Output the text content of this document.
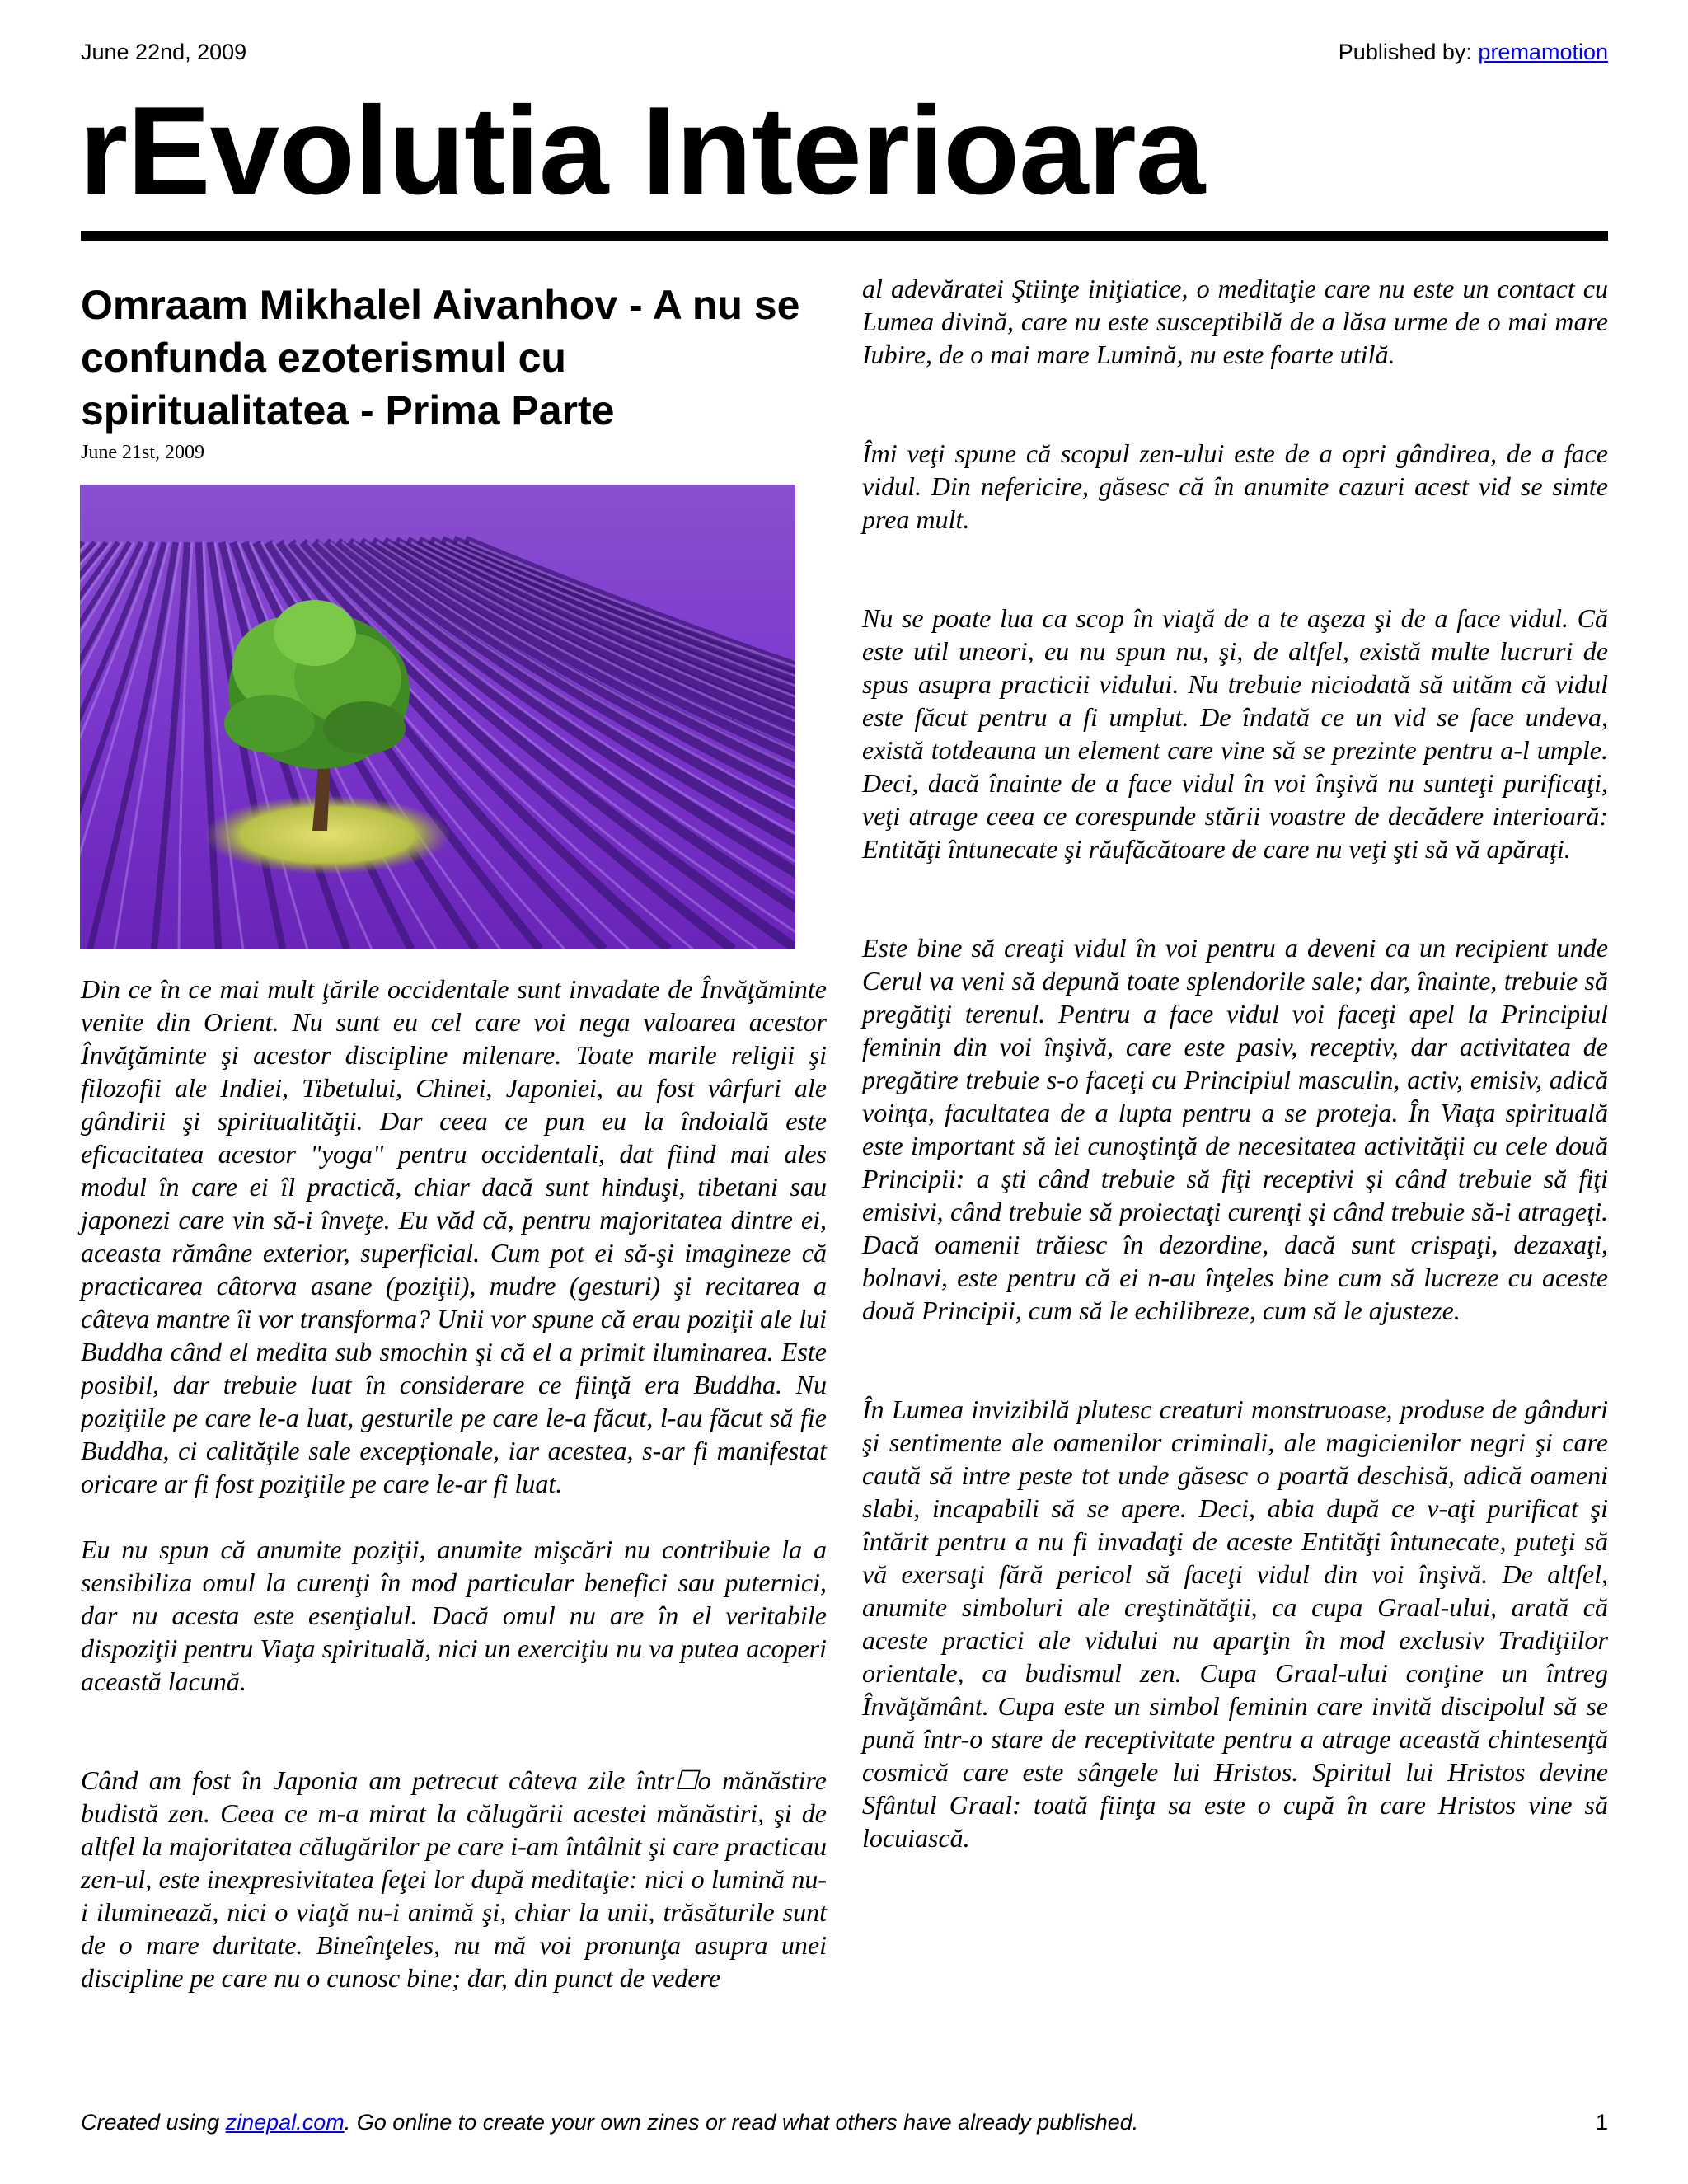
June 22nd, 2009	Published by: premamotion
rEvolutia Interioara
Omraam Mikhalel Aivanhov - A nu se confunda ezoterismul cu spiritualitatea - Prima Parte
June 21st, 2009

Din ce în ce mai mult ţările occidentale sunt invadate de Învăţăminte venite din Orient. Nu sunt eu cel care voi nega valoarea acestor Învăţăminte şi acestor discipline milenare. Toate marile religii şi filozofii ale Indiei, Tibetului, Chinei, Japoniei, au fost vârfuri ale gândirii şi spiritualităţii. Dar ceea ce pun eu la îndoială este eficacitatea acestor "yoga" pentru occidentali, dat fiind mai ales modul în care ei îl practică, chiar dacă sunt hinduşi, tibetani sau japonezi care vin să-i înveţe. Eu văd că, pentru majoritatea dintre ei, aceasta rămâne exterior, superficial. Cum pot ei să-şi imagineze că practicarea câtorva asane (poziţii), mudre (gesturi) şi recitarea a câteva mantre îi vor transforma? Unii vor spune că erau poziţii ale lui Buddha când el medita sub smochin şi că el a primit iluminarea. Este posibil, dar trebuie luat în considerare ce fiinţă era Buddha. Nu poziţiile pe care le-a luat, gesturile pe care le-a făcut, l-au făcut să fie Buddha, ci calităţile sale excepţionale, iar acestea, s-ar fi manifestat oricare ar fi fost poziţiile pe care le-ar fi luat.

Eu nu spun că anumite poziţii, anumite mişcări nu contribuie la a sensibiliza omul la curenţi în mod particular benefici sau puternici, dar nu acesta este esenţialul. Dacă omul nu are în el veritabile dispoziţii pentru Viaţa spirituală, nici un exerciţiu nu va putea acoperi această lacună.

Când am fost în Japonia am petrecut câteva zile într☐o mănăstire budistă zen. Ceea ce m-a mirat la călugării acestei mănăstiri, şi de altfel la majoritatea călugărilor pe care i-am întâlnit şi care practicau zen-ul, este inexpresivitatea feţei lor după meditaţie: nici o lumină nu-i iluminează, nici o viaţă nu-i animă şi, chiar la unii, trăsăturile sunt de o mare duritate. Bineînţeles, nu mă voi pronunţa asupra unei discipline pe care nu o cunosc bine; dar, din punct de vedere

al adevăratei Ştiinţe iniţiatice, o meditaţie care nu este un contact cu Lumea divină, care nu este susceptibilă de a lăsa urme de o mai mare Iubire, de o mai mare Lumină, nu este foarte utilă.

Îmi veţi spune că scopul zen-ului este de a opri gândirea, de a face vidul. Din nefericire, găsesc că în anumite cazuri acest vid se simte prea mult.

Nu se poate lua ca scop în viaţă de a te aşeza şi de a face vidul. Că este util uneori, eu nu spun nu, şi, de altfel, există multe lucruri de spus asupra practicii vidului. Nu trebuie niciodată să uităm că vidul este făcut pentru a fi umplut. De îndată ce un vid se face undeva, există totdeauna un element care vine să se prezinte pentru a-l umple. Deci, dacă înainte de a face vidul în voi înşivă nu sunteţi purificaţi, veţi atrage ceea ce corespunde stării voastre de decădere interioară: Entităţi întunecate şi răufăcătoare de care nu veţi şti să vă apăraţi.

Este bine să creaţi vidul în voi pentru a deveni ca un recipient unde Cerul va veni să depună toate splendorile sale; dar, înainte, trebuie să pregătiţi terenul. Pentru a face vidul voi faceţi apel la Principiul feminin din voi înşivă, care este pasiv, receptiv, dar activitatea de pregătire trebuie s-o faceţi cu Principiul masculin, activ, emisiv, adică voinţa, facultatea de a lupta pentru a se proteja. În Viaţa spirituală este important să iei cunoştinţă de necesitatea activităţii cu cele două Principii: a şti când trebuie să fiţi receptivi şi când trebuie să fiţi emisivi, când trebuie să proiectaţi curenţi şi când trebuie să-i atrageţi. Dacă oamenii trăiesc în dezordine, dacă sunt crispaţi, dezaxaţi, bolnavi, este pentru că ei n-au înţeles bine cum să lucreze cu aceste două Principii, cum să le echilibreze, cum să le ajusteze.

În Lumea invizibilă plutesc creaturi monstruoase, produse de gânduri şi sentimente ale oamenilor criminali, ale magicienilor negri şi care caută să intre peste tot unde găsesc o poartă deschisă, adică oameni slabi, incapabili să se apere. Deci, abia după ce v-aţi purificat şi întărit pentru a nu fi invadaţi de aceste Entităţi întunecate, puteţi să vă exersaţi fără pericol să faceţi vidul din voi înşivă. De altfel, anumite simboluri ale creştinătăţii, ca cupa Graal-ului, arată că aceste practici ale vidului nu aparţin în mod exclusiv Tradiţiilor orientale, ca budismul zen. Cupa Graal-ului conţine un întreg Învăţământ. Cupa este un simbol feminin care invită discipolul să se pună într-o stare de receptivitate pentru a atrage această chintesenţă cosmică care este sângele lui Hristos. Spiritul lui Hristos devine Sfântul Graal: toată fiinţa sa este o cupă în care Hristos vine să locuiască.

Created using zinepal.com. Go online to create your own zines or read what others have already published.	1
